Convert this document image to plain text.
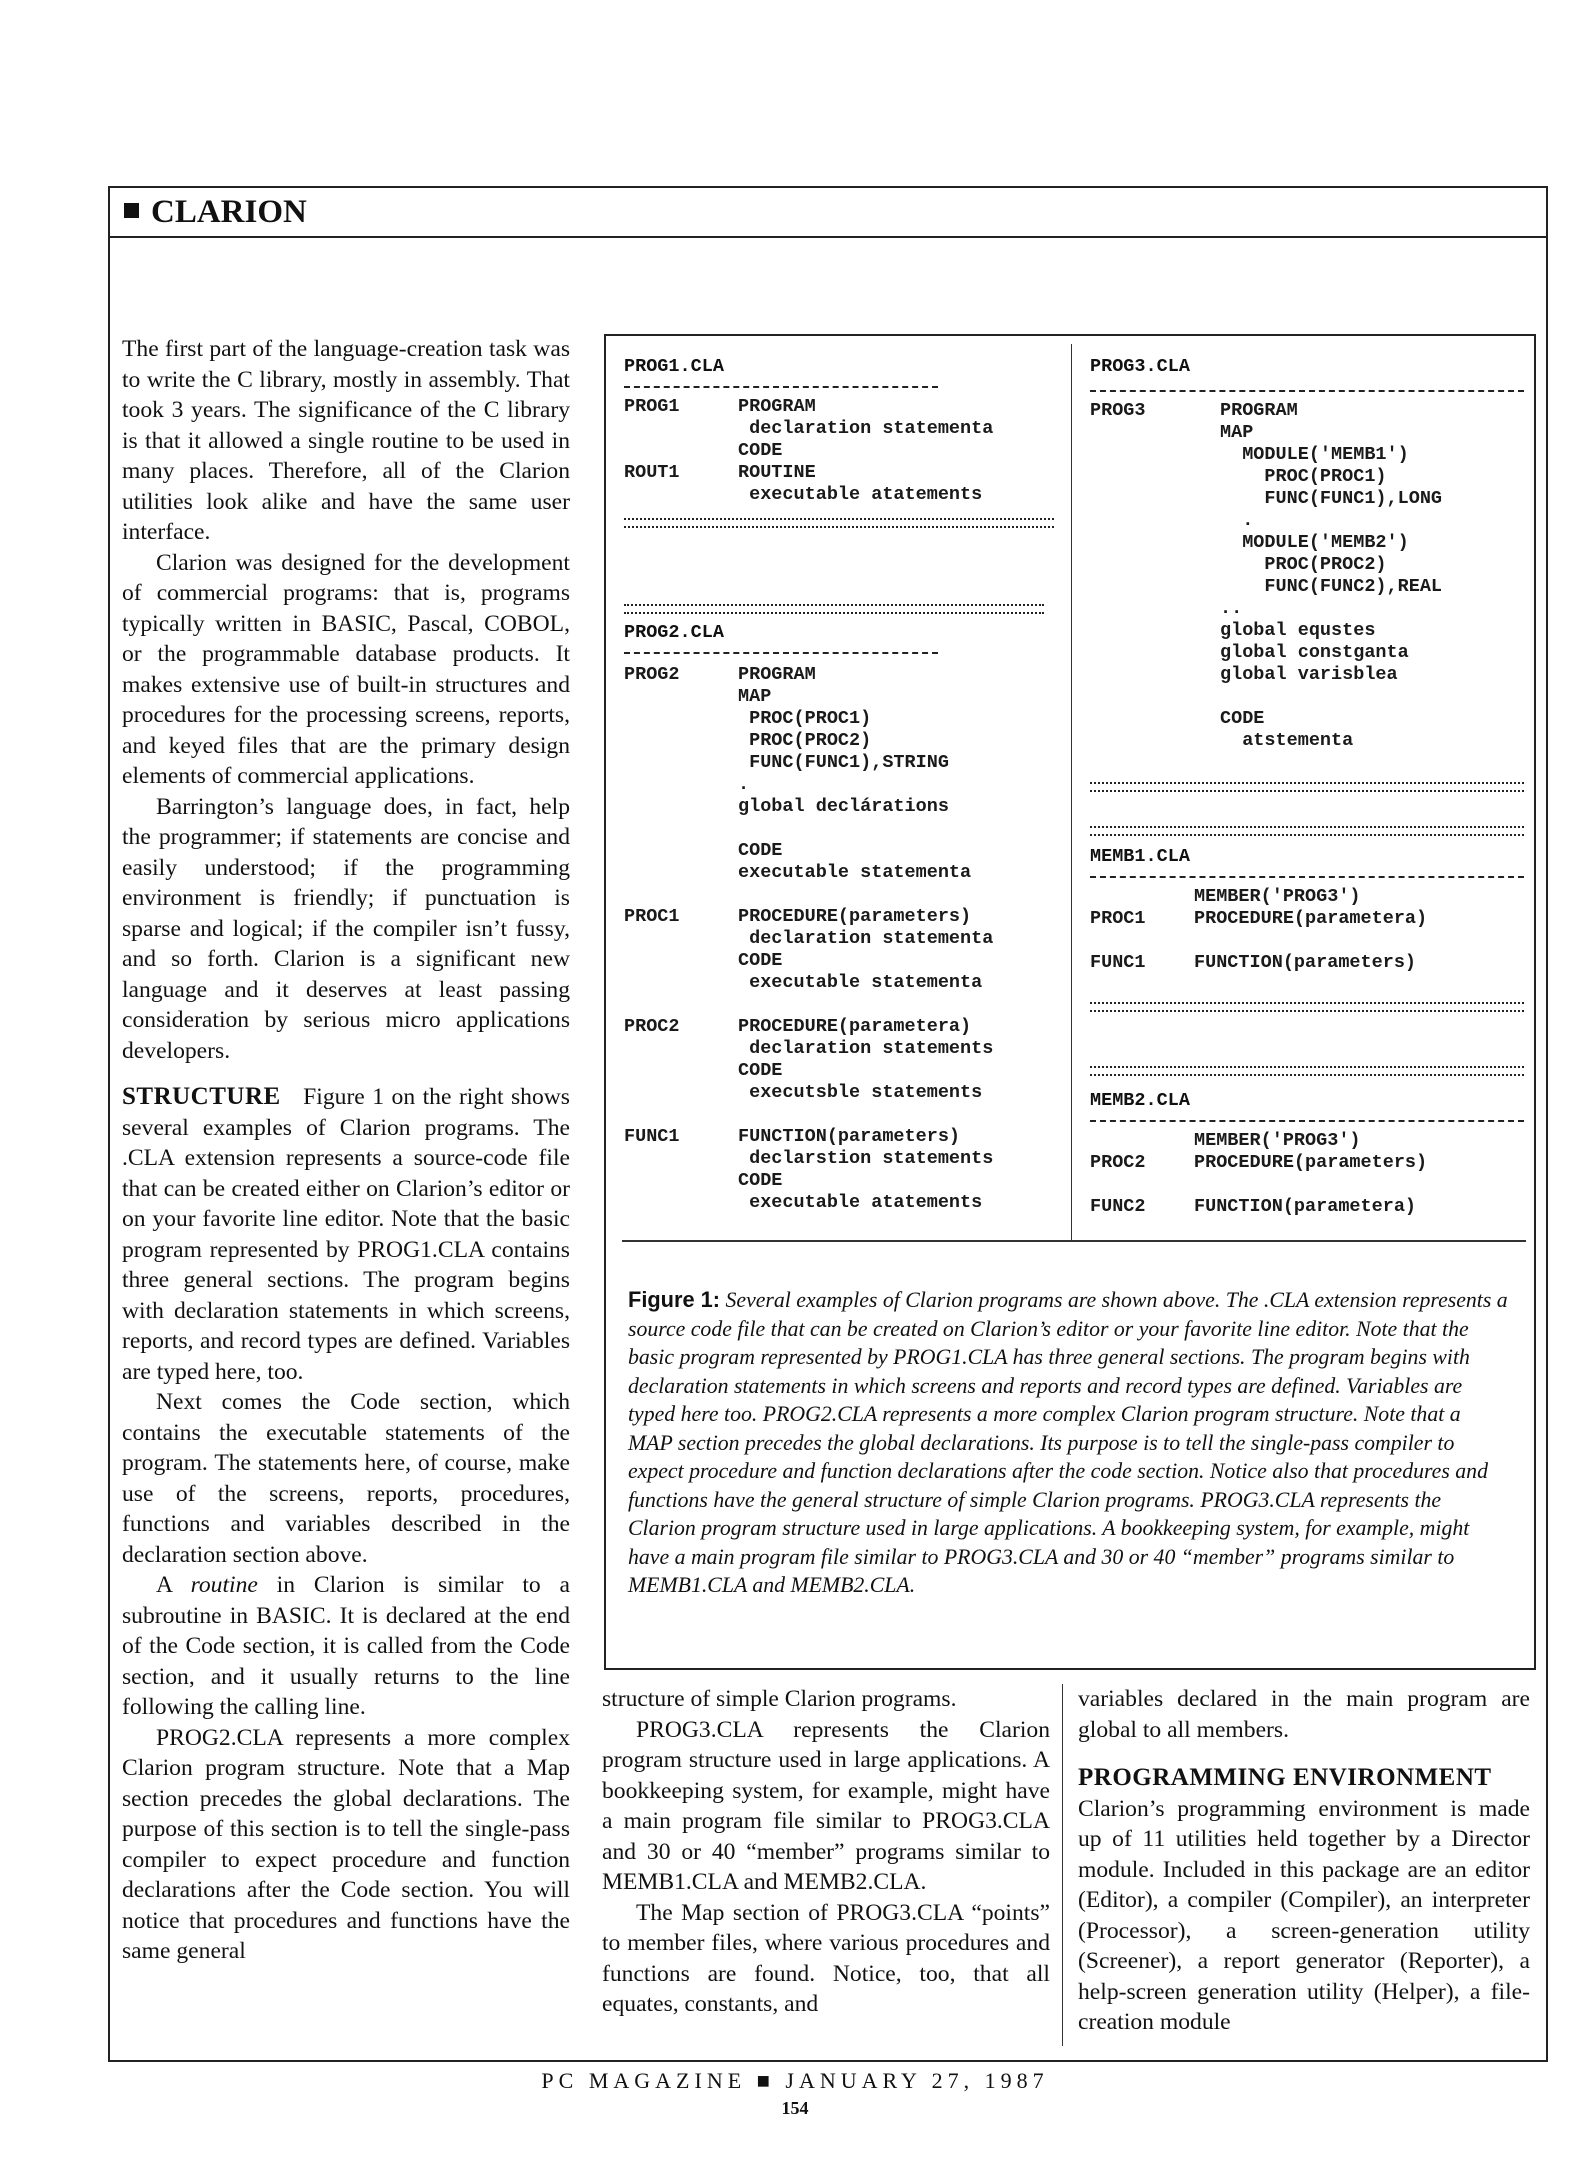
CLARION

The first part of the language-creation task was to write the C library, mostly in assembly. That took 3 years. The significance of the C library is that it allowed a single routine to be used in many places. Therefore, all of the Clarion utilities look alike and have the same user interface.

Clarion was designed for the development of commercial programs: that is, programs typically written in BASIC, Pascal, COBOL, or the programmable database products. It makes extensive use of built-in structures and procedures for the processing screens, reports, and keyed files that are the primary design elements of commercial applications.

Barrington’s language does, in fact, help the programmer; if statements are concise and easily understood; if the programming environment is friendly; if punctuation is sparse and logical; if the compiler isn’t fussy, and so forth. Clarion is a significant new language and it deserves at least passing consideration by serious micro applications developers.

STRUCTURE Figure 1 on the right shows several examples of Clarion programs. The .CLA extension represents a source-code file that can be created either on Clarion’s editor or on your favorite line editor. Note that the basic program represented by PROG1.CLA contains three general sections. The program begins with declaration statements in which screens, reports, and record types are defined. Variables are typed here, too.

Next comes the Code section, which contains the executable statements of the program. The statements here, of course, make use of the screens, reports, procedures, functions and variables described in the declaration section above.

A routine in Clarion is similar to a subroutine in BASIC. It is declared at the end of the Code section, it is called from the Code section, and it usually returns to the line following the calling line.

PROG2.CLA represents a more complex Clarion program structure. Note that a Map section precedes the global declarations. The purpose of this section is to tell the single-pass compiler to expect procedure and function declarations after the Code section. You will notice that procedures and functions have the same general

PROG1.CLA
PROG1	PROGRAM
declaration statementa
CODE
ROUT1	ROUTINE
executable atatements
PROG2.CLA
PROG2	PROGRAM
MAP
PROC(PROC1)
PROC(PROC2)
FUNC(FUNC1),STRING
.
global declárations
CODE
executable statementa
PROC1	PROCEDURE(parameters)
declaration statementa
CODE
executable statementa
PROC2	PROCEDURE(parametera)
declaration statements
CODE
executsble statements
FUNC1	FUNCTION(parameters)
declarstion statements
CODE
executable atatements
PROG3.CLA
PROG3	PROGRAM
MAP
MODULE('MEMB1')
PROC(PROC1)
FUNC(FUNC1),LONG
.
MODULE('MEMB2')
PROC(PROC2)
FUNC(FUNC2),REAL
..
global equstes
global constganta
global varisblea
CODE
atstementa
MEMB1.CLA
MEMBER('PROG3')
PROC1	PROCEDURE(parametera)
FUNC1	FUNCTION(parameters)
MEMB2.CLA
MEMBER('PROG3')
PROC2	PROCEDURE(parameters)
FUNC2	FUNCTION(parametera)
Figure 1: Several examples of Clarion programs are shown above. The .CLA extension represents a source code file that can be created on Clarion’s editor or your favorite line editor. Note that the basic program represented by PROG1.CLA has three general sections. The program begins with declaration statements in which screens and reports and record types are defined. Variables are typed here too. PROG2.CLA represents a more complex Clarion program structure. Note that a MAP section precedes the global declarations. Its purpose is to tell the single-pass compiler to expect procedure and function declarations after the code section. Notice also that procedures and functions have the general structure of simple Clarion programs. PROG3.CLA represents the Clarion program structure used in large applications. A bookkeeping system, for example, might have a main program file similar to PROG3.CLA and 30 or 40 “member” programs similar to MEMB1.CLA and MEMB2.CLA.

structure of simple Clarion programs.

PROG3.CLA represents the Clarion program structure used in large applications. A bookkeeping system, for example, might have a main program file similar to PROG3.CLA and 30 or 40 “member” programs similar to MEMB1.CLA and MEMB2.CLA.

The Map section of PROG3.CLA “points” to member files, where various procedures and functions are found. Notice, too, that all equates, constants, and

variables declared in the main program are global to all members.

PROGRAMMING ENVIRONMENT

Clarion’s programming environment is made up of 11 utilities held together by a Director module. Included in this package are an editor (Editor), a compiler (Compiler), an interpreter (Processor), a screen-generation utility (Screener), a report generator (Reporter), a help-screen generation utility (Helper), a file-creation module

PC MAGAZINE ■ JANUARY 27, 1987
154
